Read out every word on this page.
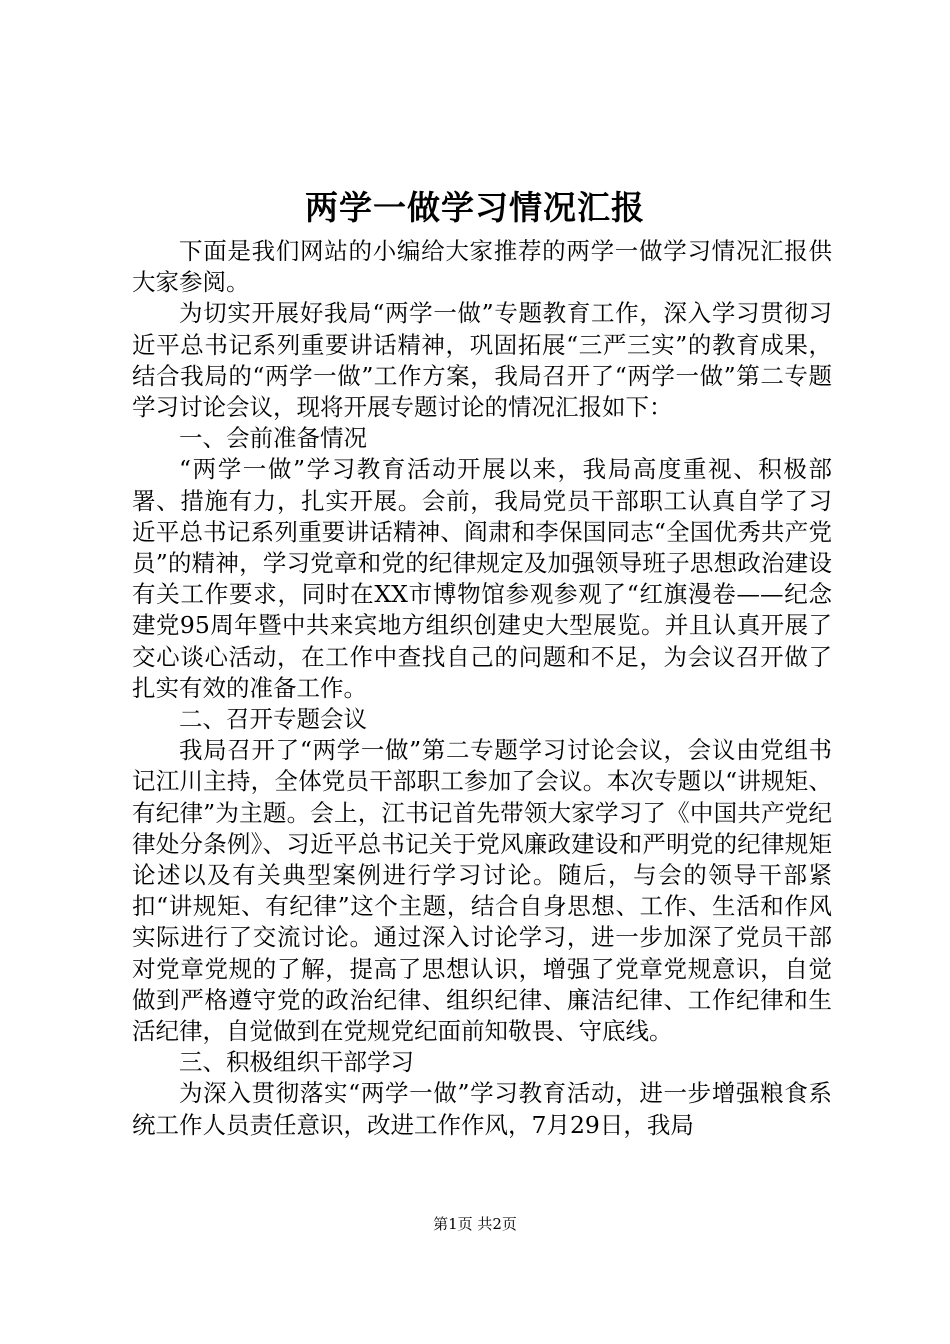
两学一做学习情况汇报

下面是我们网站的小编给大家推荐的两学一做学习情况汇报供大家参阅。

为切实开展好我局“两学一做”专题教育工作，深入学习贯彻习近平总书记系列重要讲话精神，巩固拓展“三严三实”的教育成果，结合我局的“两学一做”工作方案，我局召开了“两学一做”第二专题学习讨论会议，现将开展专题讨论的情况汇报如下：

一、会前准备情况

“两学一做”学习教育活动开展以来，我局高度重视、积极部署、措施有力，扎实开展。会前，我局党员干部职工认真自学了习近平总书记系列重要讲话精神、阎肃和李保国同志“全国优秀共产党员”的精神，学习党章和党的纪律规定及加强领导班子思想政治建设有关工作要求，同时在XX市博物馆参观参观了“红旗漫卷——纪念建党95周年暨中共来宾地方组织创建史大型展览。并且认真开展了交心谈心活动，在工作中查找自己的问题和不足，为会议召开做了扎实有效的准备工作。

二、召开专题会议

我局召开了“两学一做”第二专题学习讨论会议，会议由党组书记江川主持，全体党员干部职工参加了会议。本次专题以“讲规矩、有纪律”为主题。会上，江书记首先带领大家学习了《中国共产党纪律处分条例》、习近平总书记关于党风廉政建设和严明党的纪律规矩论述以及有关典型案例进行学习讨论。随后，与会的领导干部紧扣“讲规矩、有纪律”这个主题，结合自身思想、工作、生活和作风实际进行了交流讨论。通过深入讨论学习，进一步加深了党员干部对党章党规的了解，提高了思想认识，增强了党章党规意识，自觉做到严格遵守党的政治纪律、组织纪律、廉洁纪律、工作纪律和生活纪律，自觉做到在党规党纪面前知敬畏、守底线。

三、积极组织干部学习

为深入贯彻落实“两学一做”学习教育活动，进一步增强粮食系统工作人员责任意识，改进工作作风，7月29日，我局

第1页 共2页
